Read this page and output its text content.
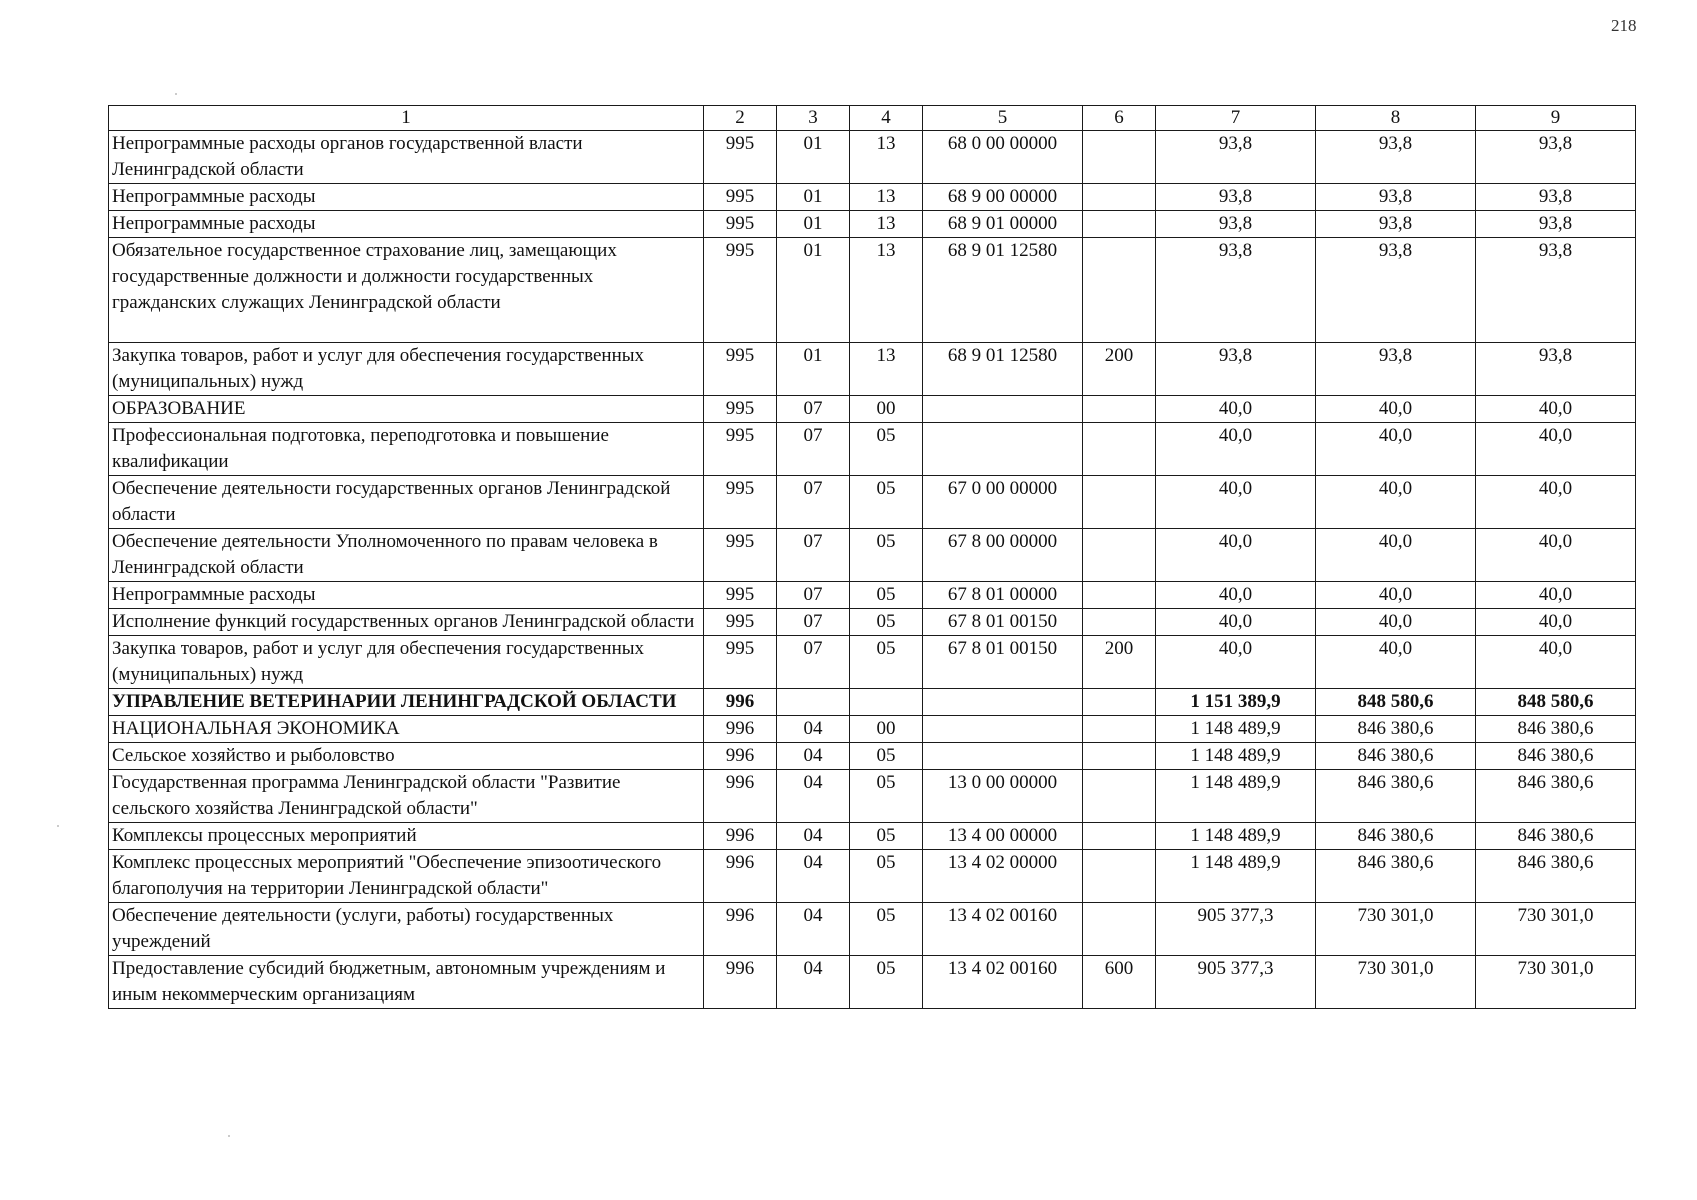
218
1	2	3	4	5	6	7	8	9
Непрограммные расходы органов государственной власти Ленинградской области	995	01	13	68 0 00 00000		93,8	93,8	93,8
Непрограммные расходы	995	01	13	68 9 00 00000		93,8	93,8	93,8
Непрограммные расходы	995	01	13	68 9 01 00000		93,8	93,8	93,8
Обязательное государственное страхование лиц, замещающих государственные должности и должности государственных гражданских служащих Ленинградской области	995	01	13	68 9 01 12580		93,8	93,8	93,8
Закупка товаров, работ и услуг для обеспечения государственных (муниципальных) нужд	995	01	13	68 9 01 12580	200	93,8	93,8	93,8
ОБРАЗОВАНИЕ	995	07	00			40,0	40,0	40,0
Профессиональная подготовка, переподготовка и повышение квалификации	995	07	05			40,0	40,0	40,0
Обеспечение деятельности государственных органов Ленинградской области	995	07	05	67 0 00 00000		40,0	40,0	40,0
Обеспечение деятельности Уполномоченного по правам человека в Ленинградской области	995	07	05	67 8 00 00000		40,0	40,0	40,0
Непрограммные расходы	995	07	05	67 8 01 00000		40,0	40,0	40,0
Исполнение функций государственных органов Ленинградской области	995	07	05	67 8 01 00150		40,0	40,0	40,0
Закупка товаров, работ и услуг для обеспечения государственных (муниципальных) нужд	995	07	05	67 8 01 00150	200	40,0	40,0	40,0
УПРАВЛЕНИЕ ВЕТЕРИНАРИИ ЛЕНИНГРАДСКОЙ ОБЛАСТИ	996					1 151 389,9	848 580,6	848 580,6
НАЦИОНАЛЬНАЯ ЭКОНОМИКА	996	04	00			1 148 489,9	846 380,6	846 380,6
Сельское хозяйство и рыболовство	996	04	05			1 148 489,9	846 380,6	846 380,6
Государственная программа Ленинградской области "Развитие сельского хозяйства Ленинградской области"	996	04	05	13 0 00 00000		1 148 489,9	846 380,6	846 380,6
Комплексы процессных мероприятий	996	04	05	13 4 00 00000		1 148 489,9	846 380,6	846 380,6
Комплекс процессных мероприятий "Обеспечение эпизоотического благополучия на территории Ленинградской области"	996	04	05	13 4 02 00000		1 148 489,9	846 380,6	846 380,6
Обеспечение деятельности (услуги, работы) государственных учреждений	996	04	05	13 4 02 00160		905 377,3	730 301,0	730 301,0
Предоставление субсидий бюджетным, автономным учреждениям и иным некоммерческим организациям	996	04	05	13 4 02 00160	600	905 377,3	730 301,0	730 301,0
